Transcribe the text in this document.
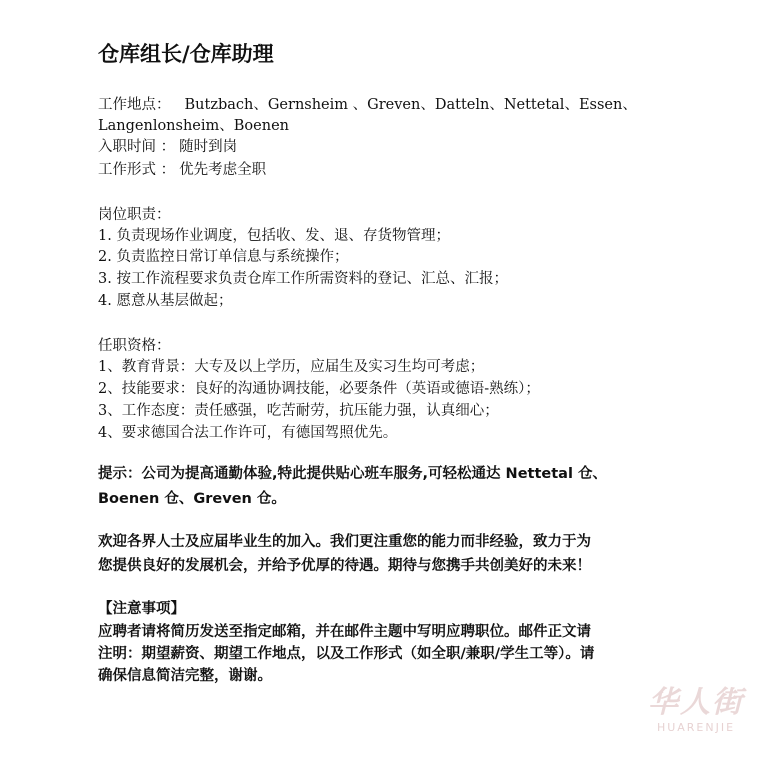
仓库组长/仓库助理
工作地点： Butzbach、Gernsheim 、Greven、Datteln、Nettetal、Essen、
Langenlonsheim、Boenen
入职时间 ： 随时到岗
工作形式 ： 优先考虑全职
岗位职责：
1. 负责现场作业调度，包括收、发、退、存货物管理；
2. 负责监控日常订单信息与系统操作；
3. 按工作流程要求负责仓库工作所需资料的登记、汇总、汇报；
4. 愿意从基层做起；
任职资格：
1、教育背景：大专及以上学历，应届生及实习生均可考虑；
2、技能要求：良好的沟通协调技能，必要条件（英语或德语-熟练）；
3、工作态度：责任感强，吃苦耐劳，抗压能力强，认真细心；
4、要求德国合法工作许可，有德国驾照优先。
提示：公司为提高通勤体验,特此提供贴心班车服务,可轻松通达 Nettetal 仓、
Boenen 仓、Greven 仓。
欢迎各界人士及应届毕业生的加入。我们更注重您的能力而非经验，致力于为
您提供良好的发展机会，并给予优厚的待遇。期待与您携手共创美好的未来！
【注意事项】
应聘者请将简历发送至指定邮箱，并在邮件主题中写明应聘职位。邮件正文请
注明：期望薪资、期望工作地点，以及工作形式（如全职/兼职/学生工等）。请
确保信息简洁完整，谢谢。
华人街
HUARENJIE
